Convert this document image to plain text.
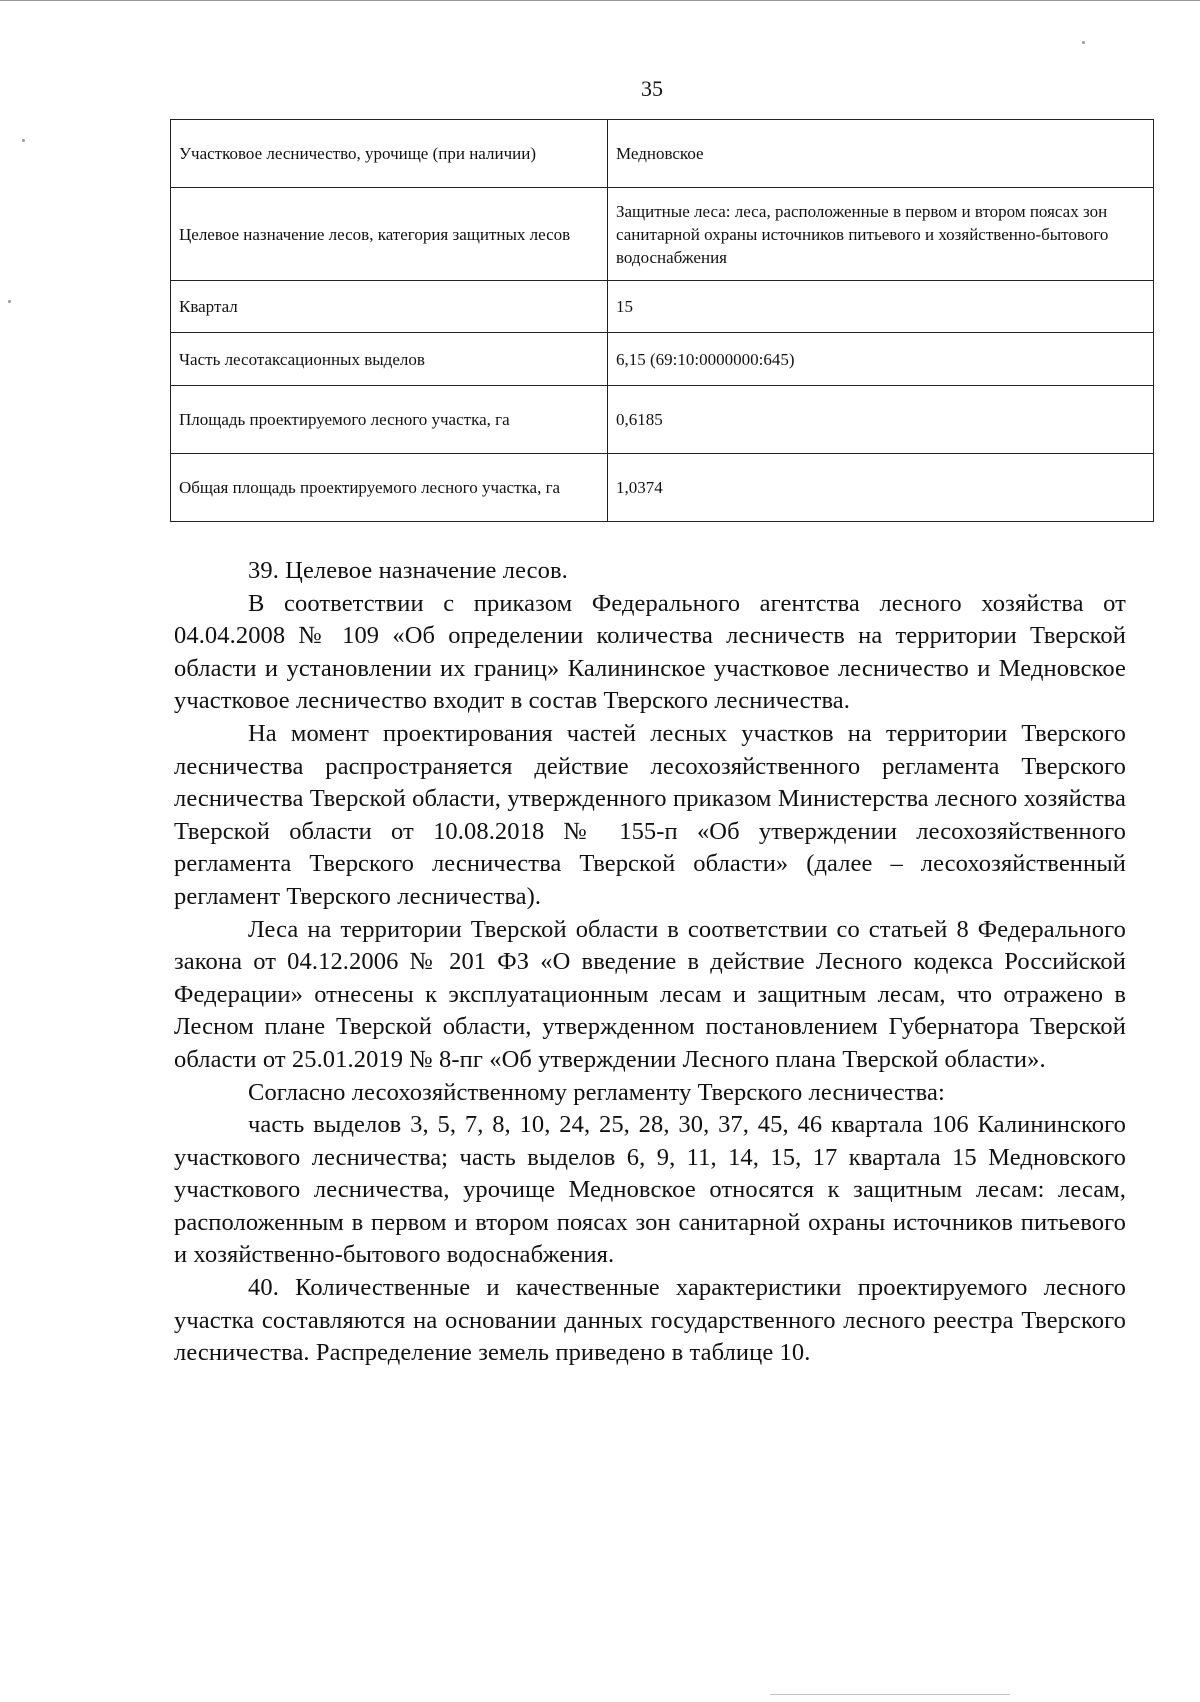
35
Участковое лесничество, урочище (при наличии)	Медновское
Целевое назначение лесов, категория защитных лесов	Защитные леса: леса, расположенные в первом и втором поясах зон санитарной охраны источников питьевого и хозяйственно-бытового водоснабжения
Квартал	15
Часть лесотаксационных выделов	6,15 (69:10:0000000:645)
Площадь проектируемого лесного участка, га	0,6185
Общая площадь проектируемого лесного участка, га	1,0374

39. Целевое назначение лесов.

В соответствии с приказом Федерального агентства лесного хозяйства от 04.04.2008 № 109 «Об определении количества лесничеств на территории Тверской области и установлении их границ» Калининское участковое лесничество и Медновское участковое лесничество входит в состав Тверского лесничества.

На момент проектирования частей лесных участков на территории Тверского лесничества распространяется действие лесохозяйственного регламента Тверского лесничества Тверской области, утвержденного приказом Министерства лесного хозяйства Тверской области от 10.08.2018 № 155-п «Об утверждении лесохозяйственного регламента Тверского лесничества Тверской области» (далее – лесохозяйственный регламент Тверского лесничества).

Леса на территории Тверской области в соответствии со статьей 8 Федерального закона от 04.12.2006 № 201 ФЗ «О введение в действие Лесного кодекса Российской Федерации» отнесены к эксплуатационным лесам и защитным лесам, что отражено в Лесном плане Тверской области, утвержденном постановлением Губернатора Тверской области от 25.01.2019 № 8-пг «Об утверждении Лесного плана Тверской области».

Согласно лесохозяйственному регламенту Тверского лесничества:

часть выделов 3, 5, 7, 8, 10, 24, 25, 28, 30, 37, 45, 46 квартала 106 Калининского участкового лесничества; часть выделов 6, 9, 11, 14, 15, 17 квартала 15 Медновского участкового лесничества, урочище Медновское относятся к защитным лесам: лесам, расположенным в первом и втором поясах зон санитарной охраны источников питьевого и хозяйственно-бытового водоснабжения.

40. Количественные и качественные характеристики проектируемого лесного участка составляются на основании данных государственного лесного реестра Тверского лесничества. Распределение земель приведено в таблице 10.
